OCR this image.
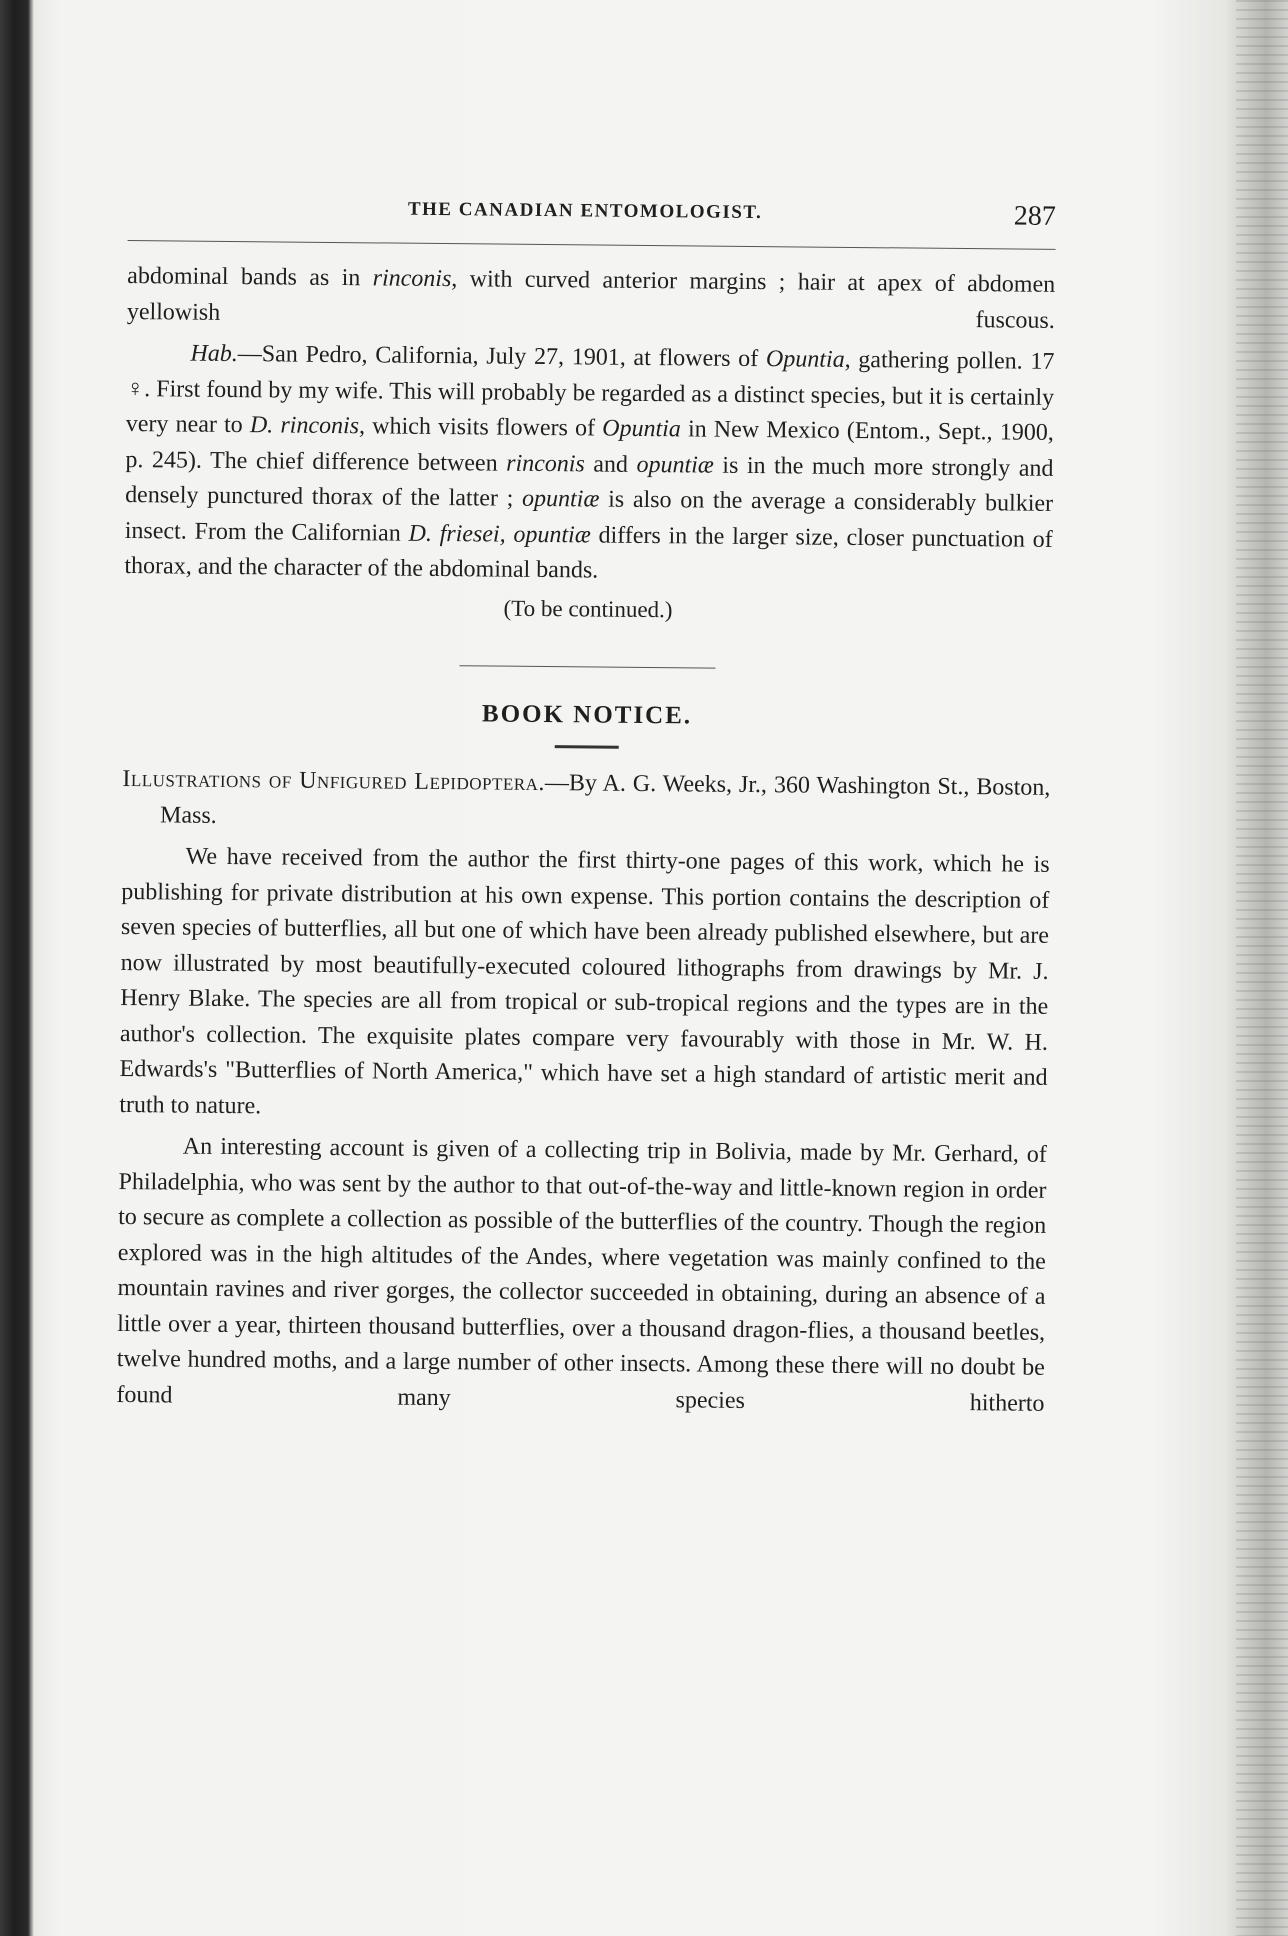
THE CANADIAN ENTOMOLOGIST.	287

abdominal bands as in rinconis, with curved anterior margins ; hair at apex of abdomen yellowish fuscous.

Hab.—San Pedro, California, July 27, 1901, at flowers of Opuntia, gathering pollen. 17 ♀. First found by my wife. This will probably be regarded as a distinct species, but it is certainly very near to D. rinconis, which visits flowers of Opuntia in New Mexico (Entom., Sept., 1900, p. 245). The chief difference between rinconis and opuntiæ is in the much more strongly and densely punctured thorax of the latter ; opuntiæ is also on the average a considerably bulkier insect. From the Californian D. friesei, opuntiæ differs in the larger size, closer punctuation of thorax, and the character of the abdominal bands.

(To be continued.)

BOOK NOTICE.

Illustrations of Unfigured Lepidoptera.—By A. G. Weeks, Jr., 360 Washington St., Boston, Mass.

We have received from the author the first thirty-one pages of this work, which he is publishing for private distribution at his own expense. This portion contains the description of seven species of butterflies, all but one of which have been already published elsewhere, but are now illustrated by most beautifully-executed coloured lithographs from drawings by Mr. J. Henry Blake. The species are all from tropical or sub-tropical regions and the types are in the author's collection. The exquisite plates compare very favourably with those in Mr. W. H. Edwards's "Butterflies of North America," which have set a high standard of artistic merit and truth to nature.

An interesting account is given of a collecting trip in Bolivia, made by Mr. Gerhard, of Philadelphia, who was sent by the author to that out-of-the-way and little-known region in order to secure as complete a collection as possible of the butterflies of the country. Though the region explored was in the high altitudes of the Andes, where vegetation was mainly confined to the mountain ravines and river gorges, the collector succeeded in obtaining, during an absence of a little over a year, thirteen thousand butterflies, over a thousand dragon-flies, a thousand beetles, twelve hundred moths, and a large number of other insects. Among these there will no doubt be found many species hitherto
